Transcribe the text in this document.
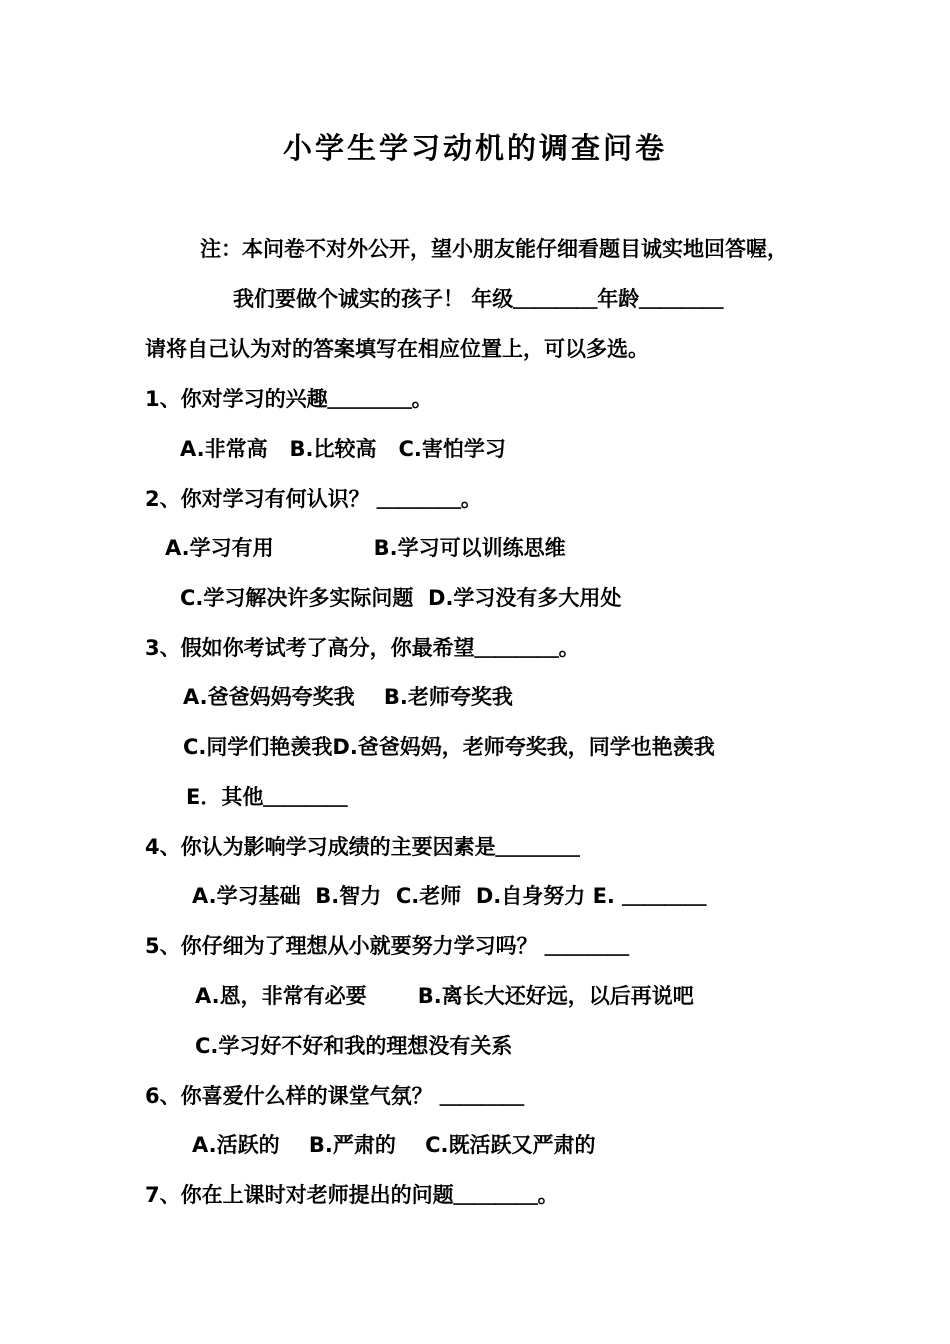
小学生学习动机的调查问卷
注：本问卷不对外公开，望小朋友能仔细看题目诚实地回答喔，
我们要做个诚实的孩子！ 年级＿＿＿＿年龄＿＿＿＿
请将自己认为对的答案填写在相应位置上，可以多选。
1、你对学习的兴趣＿＿＿＿。
A.非常高   B.比较高   C.害怕学习
2、你对学习有何认识？ ＿＿＿＿。
A.学习有用	B.学习可以训练思维
C.学习解决许多实际问题  D.学习没有多大用处
3、假如你考试考了高分，你最希望＿＿＿＿。
A.爸爸妈妈夸奖我    B.老师夸奖我
C.同学们艳羡我D.爸爸妈妈，老师夸奖我，同学也艳羡我
E．其他＿＿＿＿
4、你认为影响学习成绩的主要因素是＿＿＿＿
A.学习基础  B.智力  C.老师  D.自身努力 E. ＿＿＿＿
5、你仔细为了理想从小就要努力学习吗？ ＿＿＿＿
A.恩，非常有必要       B.离长大还好远，以后再说吧
C.学习好不好和我的理想没有关系
6、你喜爱什么样的课堂气氛？ ＿＿＿＿
A.活跃的    B.严肃的    C.既活跃又严肃的
7、你在上课时对老师提出的问题＿＿＿＿。
